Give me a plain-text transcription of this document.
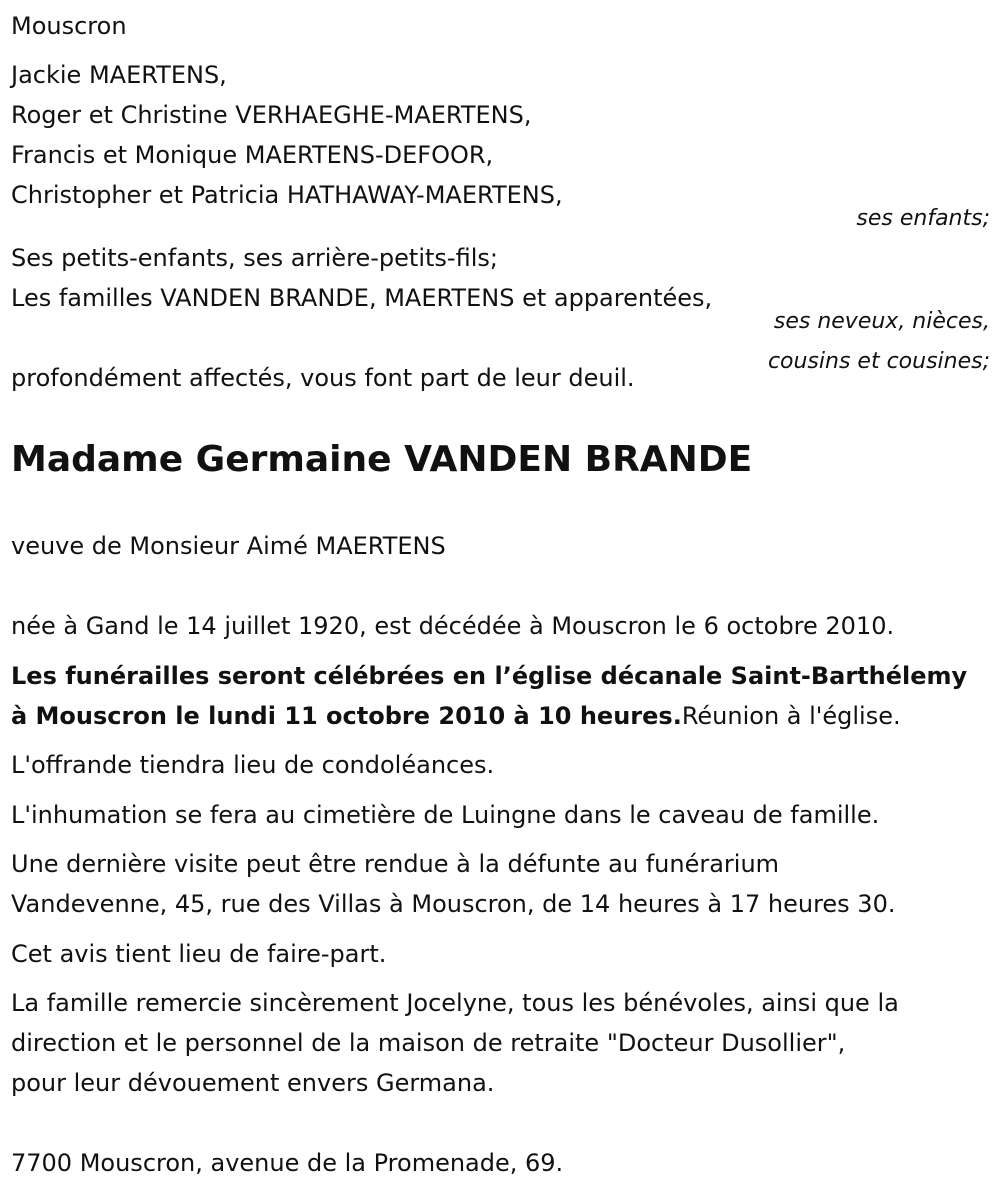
Mouscron

Jackie MAERTENS,

Roger et Christine VERHAEGHE-MAERTENS,

Francis et Monique MAERTENS-DEFOOR,

Christopher et Patricia HATHAWAY-MAERTENS,

ses enfants;

Ses petits-enfants, ses arrière-petits-fils;

Les familles VANDEN BRANDE, MAERTENS et apparentées,

ses neveux, nièces,

cousins et cousines;

profondément affectés, vous font part de leur deuil.

Madame Germaine VANDEN BRANDE

veuve de Monsieur Aimé MAERTENS

née à Gand le 14 juillet 1920, est décédée à Mouscron le 6 octobre 2010.

Les funérailles seront célébrées en l’église décanale Saint-Barthélemy

à Mouscron le lundi 11 octobre 2010 à 10 heures.Réunion à l'église.

L'offrande tiendra lieu de condoléances.

L'inhumation se fera au cimetière de Luingne dans le caveau de famille.

Une dernière visite peut être rendue à la défunte au funérarium

Vandevenne, 45, rue des Villas à Mouscron, de 14 heures à 17 heures 30.

Cet avis tient lieu de faire-part.

La famille remercie sincèrement Jocelyne, tous les bénévoles, ainsi que la

direction et le personnel de la maison de retraite "Docteur Dusollier",

pour leur dévouement envers Germana.

7700 Mouscron, avenue de la Promenade, 69.
